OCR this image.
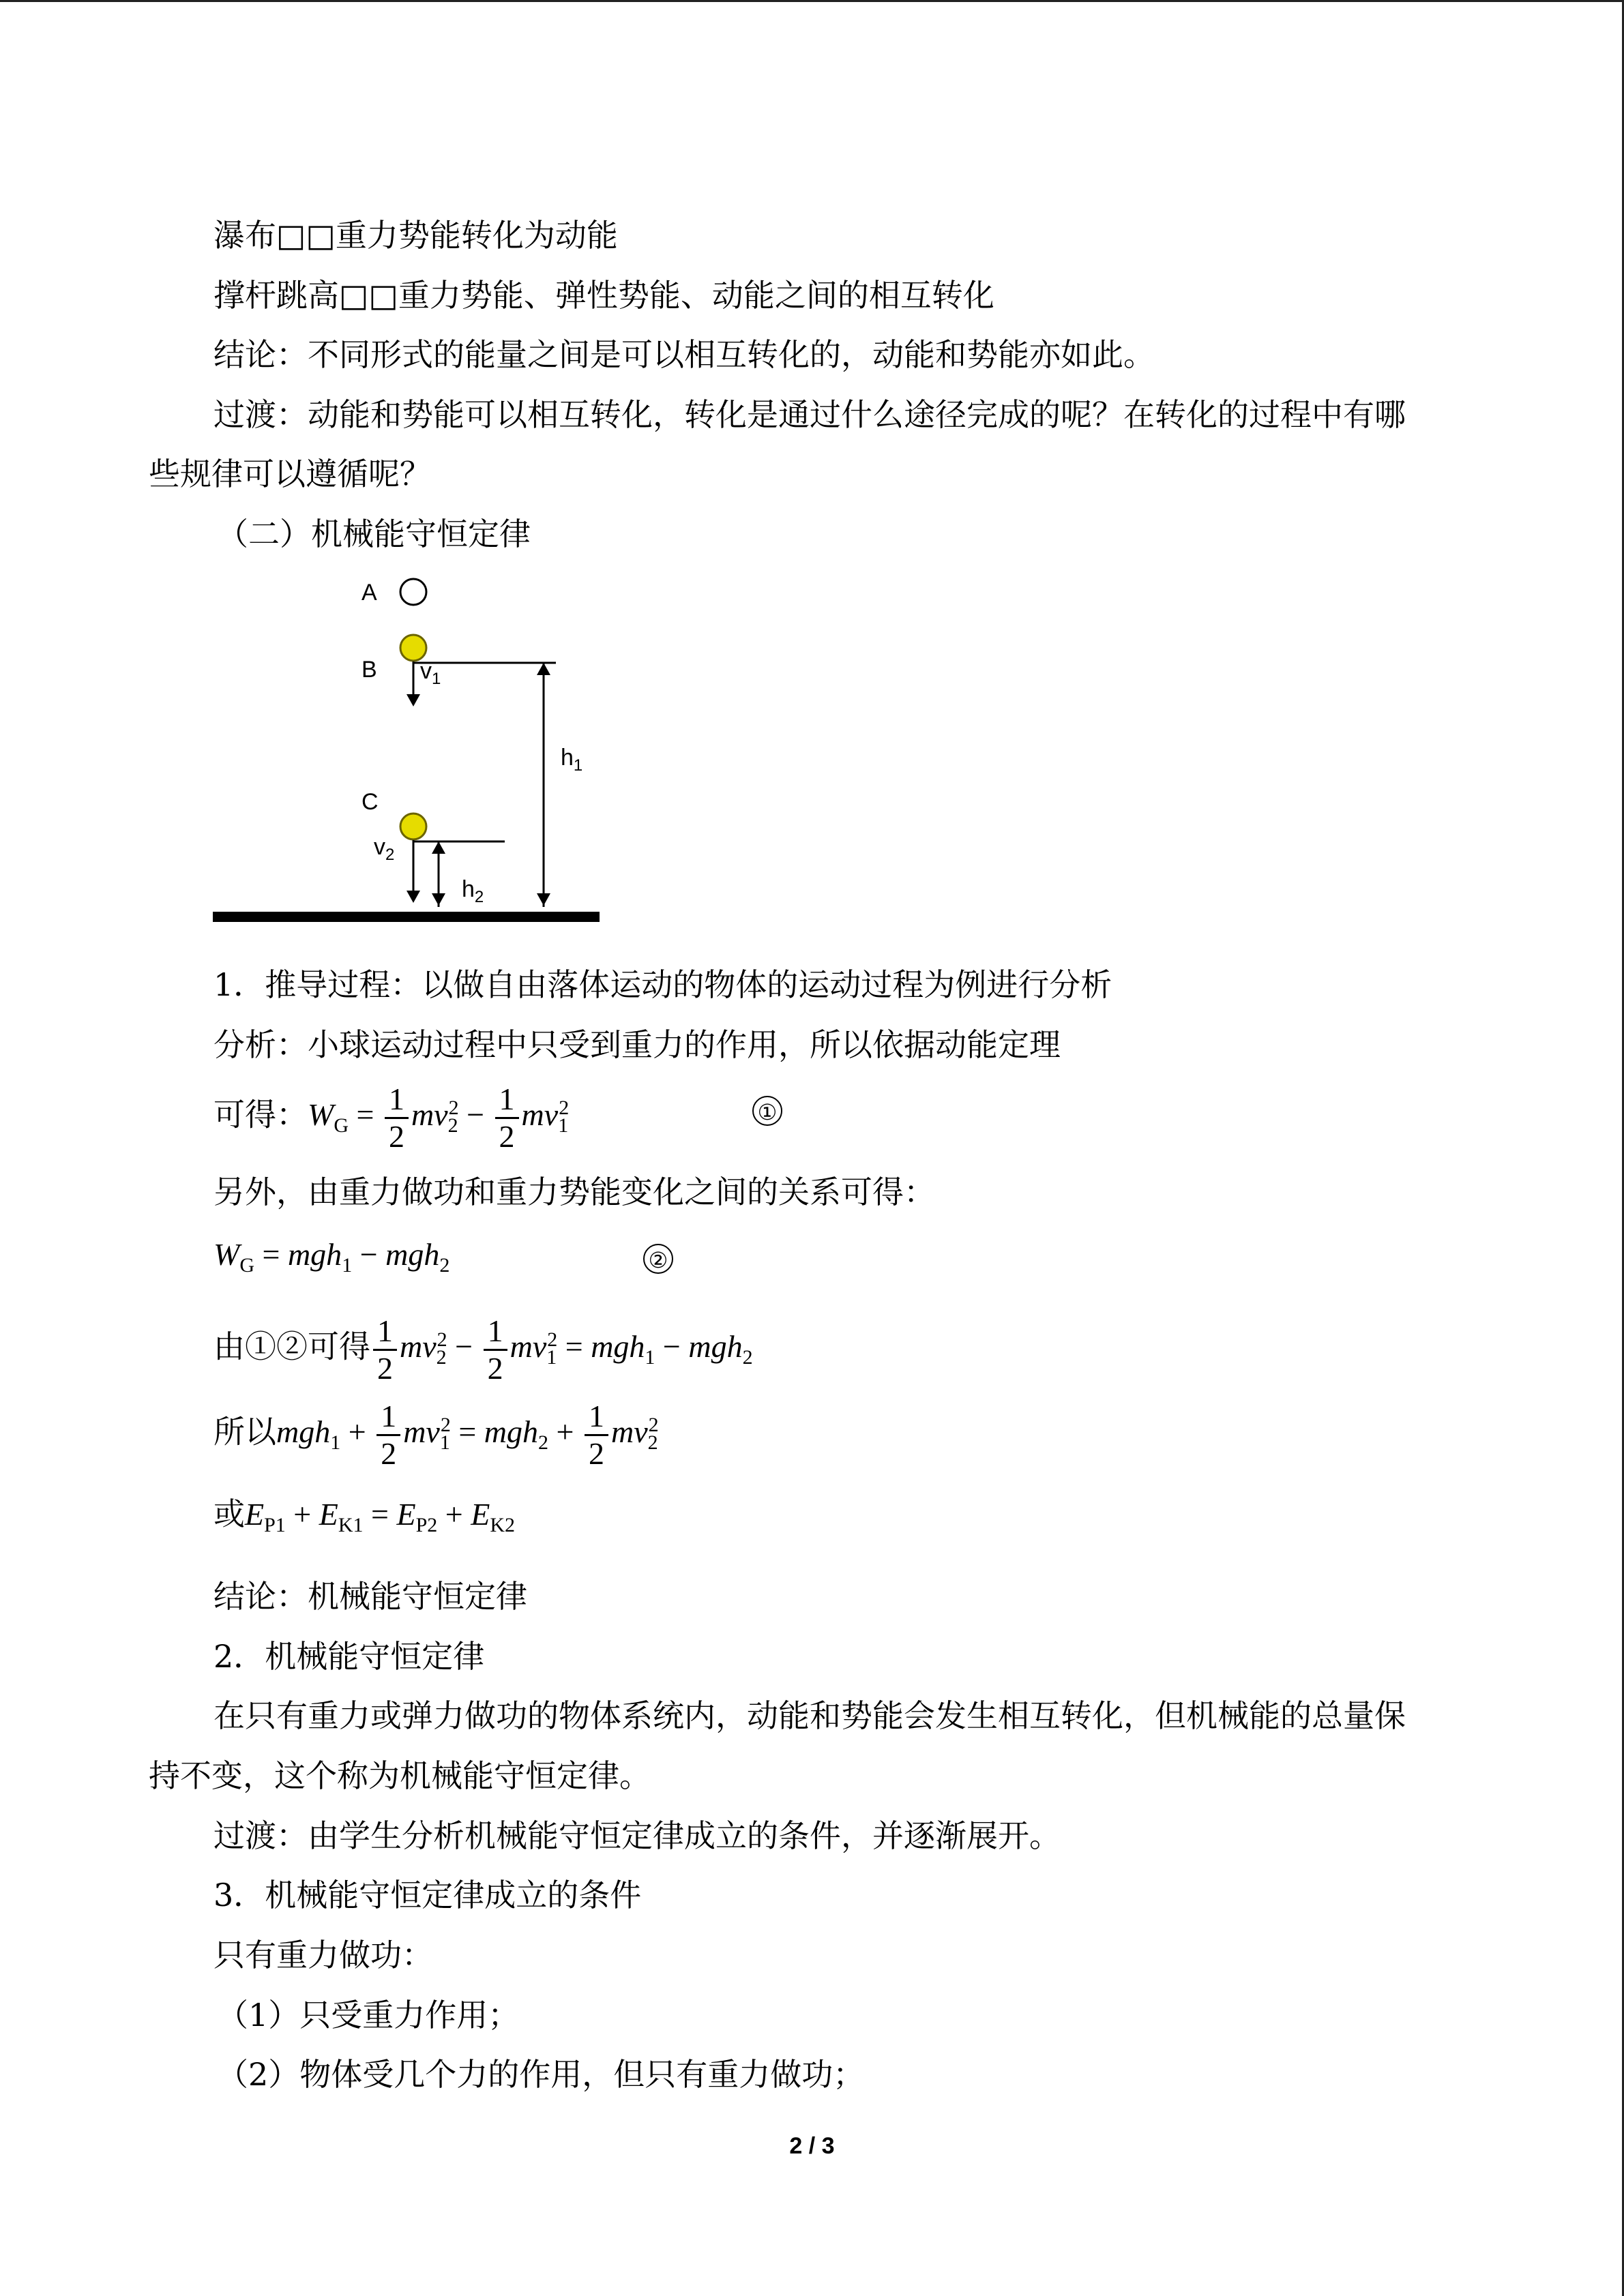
瀑布□□重力势能转化为动能
撑杆跳高□□重力势能、弹性势能、动能之间的相互转化
结论：不同形式的能量之间是可以相互转化的，动能和势能亦如此。
过渡：动能和势能可以相互转化，转化是通过什么途径完成的呢？在转化的过程中有哪
些规律可以遵循呢？
（二）机械能守恒定律
A
B $v_1$
$h_1$
C
$v_2$
$h_2$
1．推导过程：以做自由落体运动的物体的运动过程为例进行分析
分析：小球运动过程中只受到重力的作用，所以依据动能定理
可得：$W_G = \frac{1}{2} mv_2^2 - \frac{1}{2} mv_1^2$	①
另外，由重力做功和重力势能变化之间的关系可得：
$W_G = mgh_1 - mgh_2$	②
由①②可得 $\frac{1}{2} mv_2^2 - \frac{1}{2} mv_1^2 = mgh_1 - mgh_2$
所以$mgh_1 + \frac{1}{2} mv_1^2 = mgh_2 + \frac{1}{2} mv_2^2$
或$E_{P1} + E_{K1} = E_{P2} + E_{K2}$
结论：机械能守恒定律
2．机械能守恒定律
在只有重力或弹力做功的物体系统内，动能和势能会发生相互转化，但机械能的总量保
持不变，这个称为机械能守恒定律。
过渡：由学生分析机械能守恒定律成立的条件，并逐渐展开。
3．机械能守恒定律成立的条件
只有重力做功：
（1）只受重力作用；
（2）物体受几个力的作用，但只有重力做功；
2 / 3
